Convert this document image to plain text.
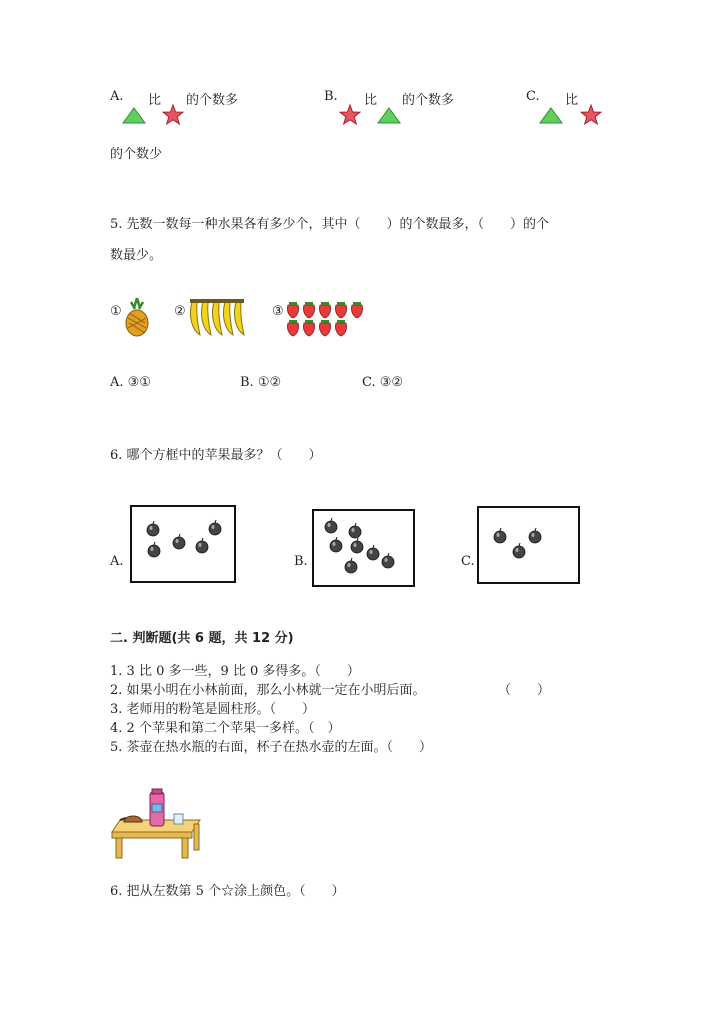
A. 比 的个数多	B. 比 的个数多	C. 比
的个数少
5. 先数一数每一种水果各有多少个，其中（　　）的个数最多，（　　）的个
数最少。
①	②	③
A. ③①	B. ①②	C. ③②
6. 哪个方框中的苹果最多？（　　）
A.	B.	C.
二. 判断题(共 6 题，共 12 分)
1. 3 比 0 多一些，9 比 0 多得多。（　　）
2. 如果小明在小林前面，那么小林就一定在小明后面。	（　　）
3. 老师用的粉笔是圆柱形。（　　）
4. 2 个苹果和第二个苹果一多样。（　）
5. 茶壶在热水瓶的右面，杯子在热水壶的左面。（　　）
6. 把从左数第 5 个☆涂上颜色。（　　）
